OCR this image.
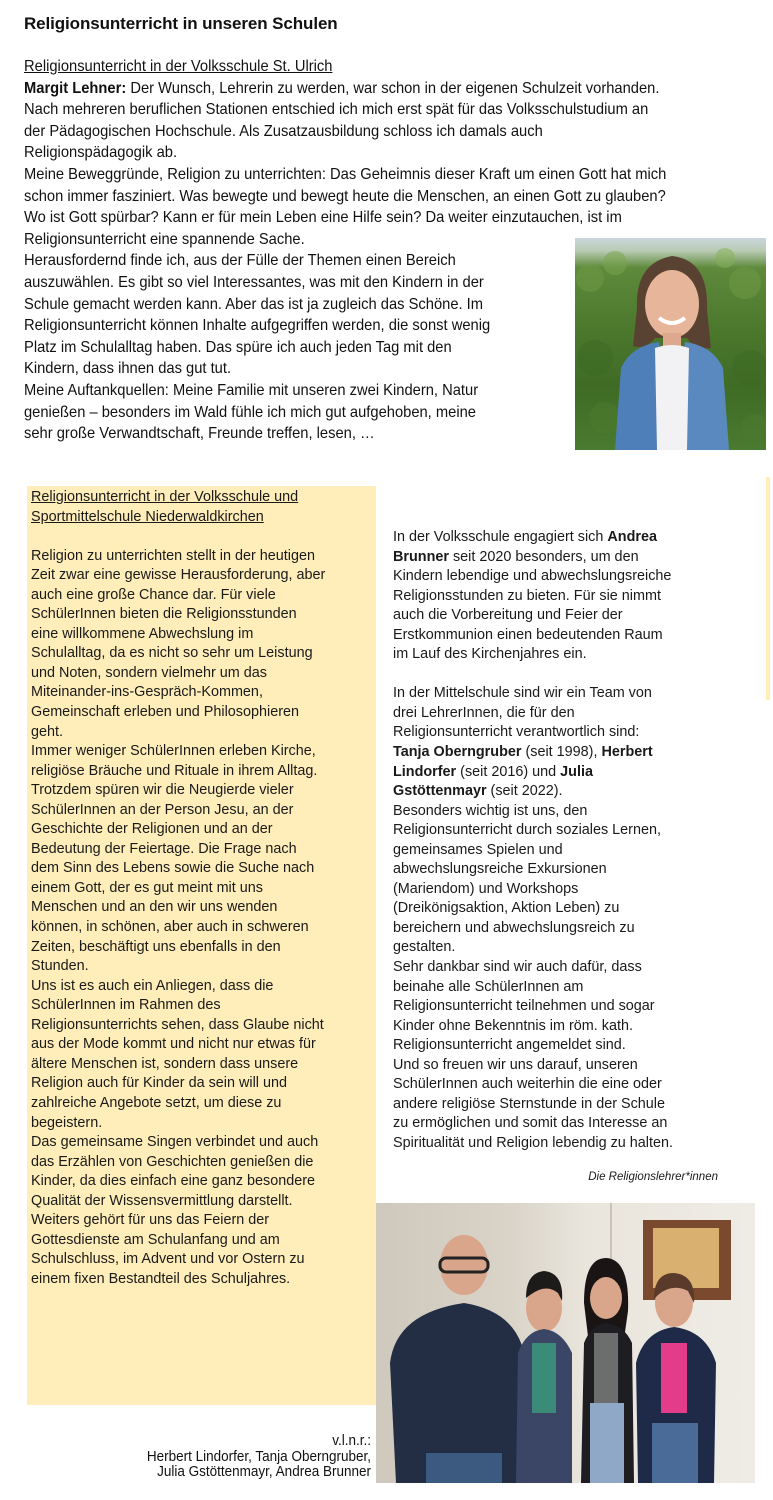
Religionsunterricht in unseren Schulen
Religionsunterricht in der Volksschule St. Ulrich
Margit Lehner: Der Wunsch, Lehrerin zu werden, war schon in der eigenen Schulzeit vorhanden.
Nach mehreren beruflichen Stationen entschied ich mich erst spät für das Volksschulstudium an
der Pädagogischen Hochschule. Als Zusatzausbildung schloss ich damals auch
Religionspädagogik ab.
Meine Beweggründe, Religion zu unterrichten: Das Geheimnis dieser Kraft um einen Gott hat mich
schon immer fasziniert. Was bewegte und bewegt heute die Menschen, an einen Gott zu glauben?
Wo ist Gott spürbar? Kann er für mein Leben eine Hilfe sein? Da weiter einzutauchen, ist im
Religionsunterricht eine spannende Sache.
Herausfordernd finde ich, aus der Fülle der Themen einen Bereich
auszuwählen. Es gibt so viel Interessantes, was mit den Kindern in der
Schule gemacht werden kann. Aber das ist ja zugleich das Schöne. Im
Religionsunterricht können Inhalte aufgegriffen werden, die sonst wenig
Platz im Schulalltag haben. Das spüre ich auch jeden Tag mit den
Kindern, dass ihnen das gut tut.
Meine Auftankquellen: Meine Familie mit unseren zwei Kindern, Natur
genießen – besonders im Wald fühle ich mich gut aufgehoben, meine
sehr große Verwandtschaft, Freunde treffen, lesen, …
Religionsunterricht in der Volksschule und
Sportmittelschule Niederwaldkirchen
Religion zu unterrichten stellt in der heutigen
Zeit zwar eine gewisse Herausforderung, aber
auch eine große Chance dar. Für viele
SchülerInnen bieten die Religionsstunden
eine willkommene Abwechslung im
Schulalltag, da es nicht so sehr um Leistung
und Noten, sondern vielmehr um das
Miteinander-ins-Gespräch-Kommen,
Gemeinschaft erleben und Philosophieren
geht.
Immer weniger SchülerInnen erleben Kirche,
religiöse Bräuche und Rituale in ihrem Alltag.
Trotzdem spüren wir die Neugierde vieler
SchülerInnen an der Person Jesu, an der
Geschichte der Religionen und an der
Bedeutung der Feiertage. Die Frage nach
dem Sinn des Lebens sowie die Suche nach
einem Gott, der es gut meint mit uns
Menschen und an den wir uns wenden
können, in schönen, aber auch in schweren
Zeiten, beschäftigt uns ebenfalls in den
Stunden.
Uns ist es auch ein Anliegen, dass die
SchülerInnen im Rahmen des
Religionsunterrichts sehen, dass Glaube nicht
aus der Mode kommt und nicht nur etwas für
ältere Menschen ist, sondern dass unsere
Religion auch für Kinder da sein will und
zahlreiche Angebote setzt, um diese zu
begeistern.
Das gemeinsame Singen verbindet und auch
das Erzählen von Geschichten genießen die
Kinder, da dies einfach eine ganz besondere
Qualität der Wissensvermittlung darstellt.
Weiters gehört für uns das Feiern der
Gottesdienste am Schulanfang und am
Schulschluss, im Advent und vor Ostern zu
einem fixen Bestandteil des Schuljahres.
In der Volksschule engagiert sich Andrea
Brunner seit 2020 besonders, um den
Kindern lebendige und abwechslungsreiche
Religionsstunden zu bieten. Für sie nimmt
auch die Vorbereitung und Feier der
Erstkommunion einen bedeutenden Raum
im Lauf des Kirchenjahres ein.
In der Mittelschule sind wir ein Team von
drei LehrerInnen, die für den
Religionsunterricht verantwortlich sind:
Tanja Oberngruber (seit 1998), Herbert
Lindorfer (seit 2016) und Julia
Gstöttenmayr (seit 2022).
Besonders wichtig ist uns, den
Religionsunterricht durch soziales Lernen,
gemeinsames Spielen und
abwechslungsreiche Exkursionen
(Mariendom) und Workshops
(Dreikönigsaktion, Aktion Leben) zu
bereichern und abwechslungsreich zu
gestalten.
Sehr dankbar sind wir auch dafür, dass
beinahe alle SchülerInnen am
Religionsunterricht teilnehmen und sogar
Kinder ohne Bekenntnis im röm. kath.
Religionsunterricht angemeldet sind.
Und so freuen wir uns darauf, unseren
SchülerInnen auch weiterhin die eine oder
andere religiöse Sternstunde in der Schule
zu ermöglichen und somit das Interesse an
Spiritualität und Religion lebendig zu halten.
Die Religionslehrer*innen
v.l.n.r.:
Herbert Lindorfer, Tanja Oberngruber,
Julia Gstöttenmayr, Andrea Brunner
